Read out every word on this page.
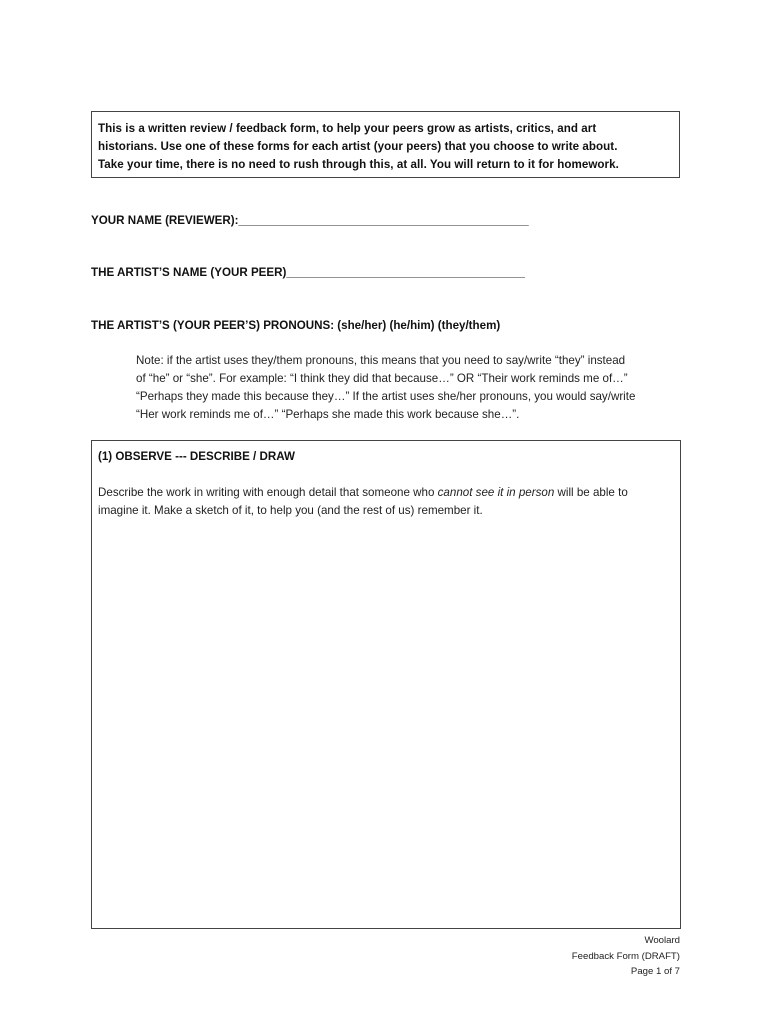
This is a written review / feedback form, to help your peers grow as artists, critics, and art
historians. Use one of these forms for each artist (your peers) that you choose to write about.
Take your time, there is no need to rush through this, at all. You will return to it for homework.
YOUR NAME (REVIEWER):_____________________________________________
THE ARTIST’S NAME (YOUR PEER)_____________________________________
THE ARTIST’S (YOUR PEER’S) PRONOUNS: (she/her) (he/him) (they/them)
Note: if the artist uses they/them pronouns, this means that you need to say/write “they” instead
of “he” or “she”. For example: “I think they did that because…” OR “Their work reminds me of…”
“Perhaps they made this because they…” If the artist uses she/her pronouns, you would say/write
“Her work reminds me of…” “Perhaps she made this work because she…”.
(1) OBSERVE --- DESCRIBE / DRAW
Describe the work in writing with enough detail that someone who cannot see it in person will be able to
imagine it. Make a sketch of it, to help you (and the rest of us) remember it.
Woolard
Feedback Form (DRAFT)
Page 1 of 7
